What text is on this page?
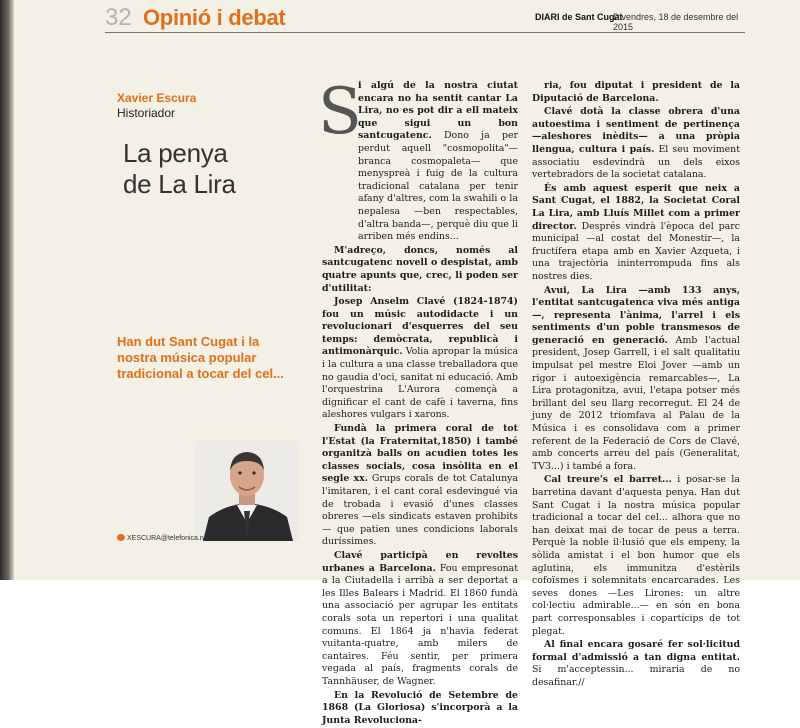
32 Opinió i debat	DIARI de Sant Cugat
Divendres, 18 de desembre del 2015
Xavier Escura
Historiador
La penya
de La Lira
Han dut Sant Cugat i la nostra música popular tradicional a tocar del cel...
XESCURA@telefonica.net
S

i algú de la nostra ciutat encara no ha sentit cantar La Lira, no es pot dir a ell mateix que sigui un bon santcugatenc. Dono ja per perdut aquell "cosmopolita"—branca cosmopaleta— que menyspreà i fuig de la cultura tradicional catalana per tenir afany d'altres, com la swahili o la nepalesa —ben respectables, d'altra banda—, perquè diu que li arriben més endins...

M'adreço, doncs, només al santcugatenc novell o despistat, amb quatre apunts que, crec, li poden ser d'utilitat:

Josep Anselm Clavé (1824-1874) fou un músic autodidacte i un revolucionari d'esquerres del seu temps: demòcrata, republicà i antimonàrquic. Volia apropar la música i la cultura a una classe treballadora que no gaudia d'oci, sanitat ni educació. Amb l'orquestrina L'Aurora començà a dignificar el cant de cafè i taverna, fins aleshores vulgars i xarons.

Fundà la primera coral de tot l'Estat (la Fraternitat,1850) i també organitzà balls on acudien totes les classes socials, cosa insòlita en el segle xx. Grups corals de tot Catalunya l'imitaren, i el cant coral esdevingué via de trobada i evasió d'unes classes obreres —els sindicats estaven prohibits— que patien unes condicions laborals duríssimes.

Clavé participà en revoltes urbanes a Barcelona. Fou empresonat a la Ciutadella i arribà a ser deportat a les Illes Balears i Madrid. El 1860 fundà una associació per agrupar les entitats corals sota un repertori i una qualitat comuns. El 1864 ja n'havia federat vuitanta-quatre, amb milers de cantaires. Féu sentir, per primera vegada al país, fragments corals de Tannhäuser, de Wagner.

En la Revolució de Setembre de 1868 (La Gloriosa) s'incorporà a la Junta Revoluciona-

ria, fou diputat i president de la Diputació de Barcelona.

Clavé dotà la classe obrera d'una autoestima i sentiment de pertinença —aleshores inèdits— a una pròpia llengua, cultura i país. El seu moviment associatiu esdevindrà un dels eixos vertebradors de la societat catalana.

És amb aquest esperit que neix a Sant Cugat, el 1882, la Societat Coral La Lira, amb Lluís Millet com a primer director. Després vindrà l'època del parc municipal —al costat del Monestir—, la fructífera etapa amb en Xavier Azqueta, i una trajectòria ininterrompuda fins als nostres dies.

Avui, La Lira —amb 133 anys, l'entitat santcugatenca viva més antiga—, representa l'ànima, l'arrel i els sentiments d'un poble transmesos de generació en generació. Amb l'actual president, Josep Garrell, i el salt qualitatiu impulsat pel mestre Eloi Jover —amb un rigor i autoexigència remarcables—, La Lira protagonitza, avui, l'etapa potser més brillant del seu llarg recorregut. El 24 de juny de 2012 triomfava al Palau de la Música i es consolidava com a primer referent de la Federació de Cors de Clavé, amb concerts arreu del país (Generalitat, TV3...) i també a fora.

Cal treure's el barret... i posar-se la barretina davant d'aquesta penya. Han dut Sant Cugat i la nostra música popular tradicional a tocar del cel... alhora que no han deixat mai de tocar de peus a terra. Perquè la noble il·lusió que els empeny, la sòlida amistat i el bon humor que els aglutina, els immunitza d'estèrils cofoïsmes i solemnitats encarcarades. Les seves dones —Les Lirones: un altre col·lectiu admirable...— en són en bona part corresponsables i copartícips de tot plegat.

Al final encara gosaré fer sol·licitud formal d'admissió a tan digna entitat. Si m'acceptessin... miraria de no desafinar.//
